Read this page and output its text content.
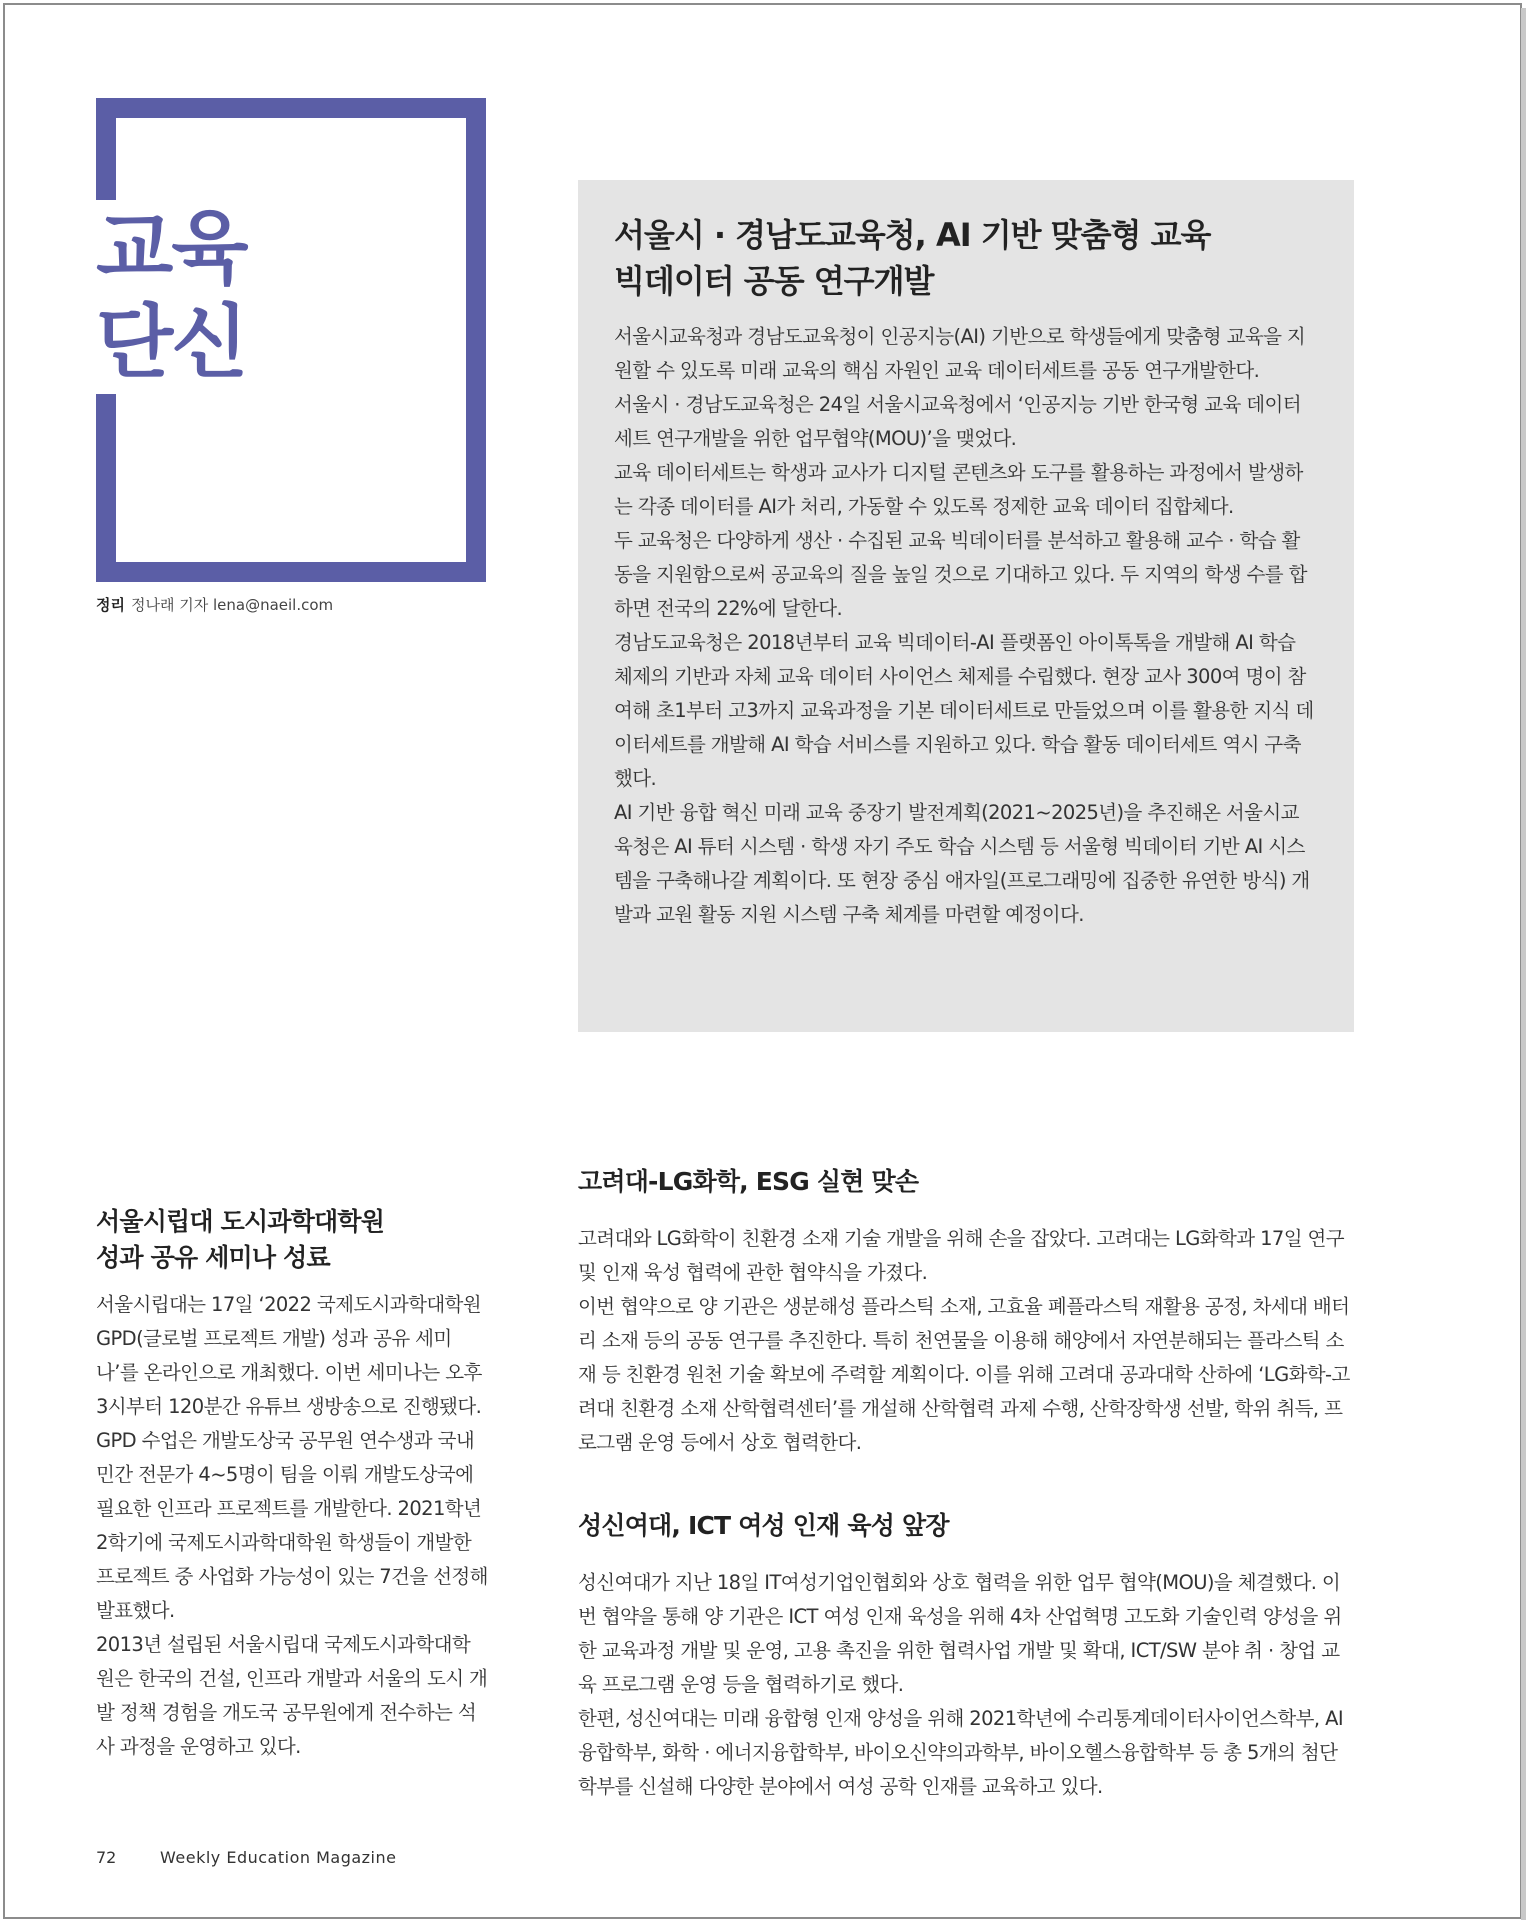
교육
단신
정리 정나래 기자 lena@naeil.com
서울시 · 경남도교육청, AI 기반 맞춤형 교육
빅데이터 공동 연구개발

서울시교육청과 경남도교육청이 인공지능(AI) 기반으로 학생들에게 맞춤형 교육을 지원할 수 있도록 미래 교육의 핵심 자원인 교육 데이터세트를 공동 연구개발한다.

서울시 · 경남도교육청은 24일 서울시교육청에서 ‘인공지능 기반 한국형 교육 데이터세트 연구개발을 위한 업무협약(MOU)’을 맺었다.

교육 데이터세트는 학생과 교사가 디지털 콘텐츠와 도구를 활용하는 과정에서 발생하는 각종 데이터를 AI가 처리, 가동할 수 있도록 정제한 교육 데이터 집합체다.

두 교육청은 다양하게 생산 · 수집된 교육 빅데이터를 분석하고 활용해 교수 · 학습 활동을 지원함으로써 공교육의 질을 높일 것으로 기대하고 있다. 두 지역의 학생 수를 합하면 전국의 22%에 달한다.

경남도교육청은 2018년부터 교육 빅데이터-AI 플랫폼인 아이톡톡을 개발해 AI 학습 체제의 기반과 자체 교육 데이터 사이언스 체제를 수립했다. 현장 교사 300여 명이 참여해 초1부터 고3까지 교육과정을 기본 데이터세트로 만들었으며 이를 활용한 지식 데이터세트를 개발해 AI 학습 서비스를 지원하고 있다. 학습 활동 데이터세트 역시 구축했다.

AI 기반 융합 혁신 미래 교육 중장기 발전계획(2021~2025년)을 추진해온 서울시교육청은 AI 튜터 시스템 · 학생 자기 주도 학습 시스템 등 서울형 빅데이터 기반 AI 시스템을 구축해나갈 계획이다. 또 현장 중심 애자일(프로그래밍에 집중한 유연한 방식) 개발과 교원 활동 지원 시스템 구축 체계를 마련할 예정이다.

서울시립대 도시과학대학원
성과 공유 세미나 성료

서울시립대는 17일 ‘2022 국제도시과학대학원 GPD(글로벌 프로젝트 개발) 성과 공유 세미나’를 온라인으로 개최했다. 이번 세미나는 오후 3시부터 120분간 유튜브 생방송으로 진행됐다.

GPD 수업은 개발도상국 공무원 연수생과 국내 민간 전문가 4~5명이 팀을 이뤄 개발도상국에 필요한 인프라 프로젝트를 개발한다. 2021학년 2학기에 국제도시과학대학원 학생들이 개발한 프로젝트 중 사업화 가능성이 있는 7건을 선정해 발표했다.

2013년 설립된 서울시립대 국제도시과학대학원은 한국의 건설, 인프라 개발과 서울의 도시 개발 정책 경험을 개도국 공무원에게 전수하는 석사 과정을 운영하고 있다.

고려대-LG화학, ESG 실현 맞손

고려대와 LG화학이 친환경 소재 기술 개발을 위해 손을 잡았다. 고려대는 LG화학과 17일 연구 및 인재 육성 협력에 관한 협약식을 가졌다.

이번 협약으로 양 기관은 생분해성 플라스틱 소재, 고효율 폐플라스틱 재활용 공정, 차세대 배터리 소재 등의 공동 연구를 추진한다. 특히 천연물을 이용해 해양에서 자연분해되는 플라스틱 소재 등 친환경 원천 기술 확보에 주력할 계획이다. 이를 위해 고려대 공과대학 산하에 ‘LG화학-고려대 친환경 소재 산학협력센터’를 개설해 산학협력 과제 수행, 산학장학생 선발, 학위 취득, 프로그램 운영 등에서 상호 협력한다.

성신여대, ICT 여성 인재 육성 앞장

성신여대가 지난 18일 IT여성기업인협회와 상호 협력을 위한 업무 협약(MOU)을 체결했다. 이번 협약을 통해 양 기관은 ICT 여성 인재 육성을 위해 4차 산업혁명 고도화 기술인력 양성을 위한 교육과정 개발 및 운영, 고용 촉진을 위한 협력사업 개발 및 확대, ICT/SW 분야 취 · 창업 교육 프로그램 운영 등을 협력하기로 했다.

한편, 성신여대는 미래 융합형 인재 양성을 위해 2021학년에 수리통계데이터사이언스학부, AI융합학부, 화학 · 에너지융합학부, 바이오신약의과학부, 바이오헬스융합학부 등 총 5개의 첨단 학부를 신설해 다양한 분야에서 여성 공학 인재를 교육하고 있다.

72	Weekly Education Magazine
